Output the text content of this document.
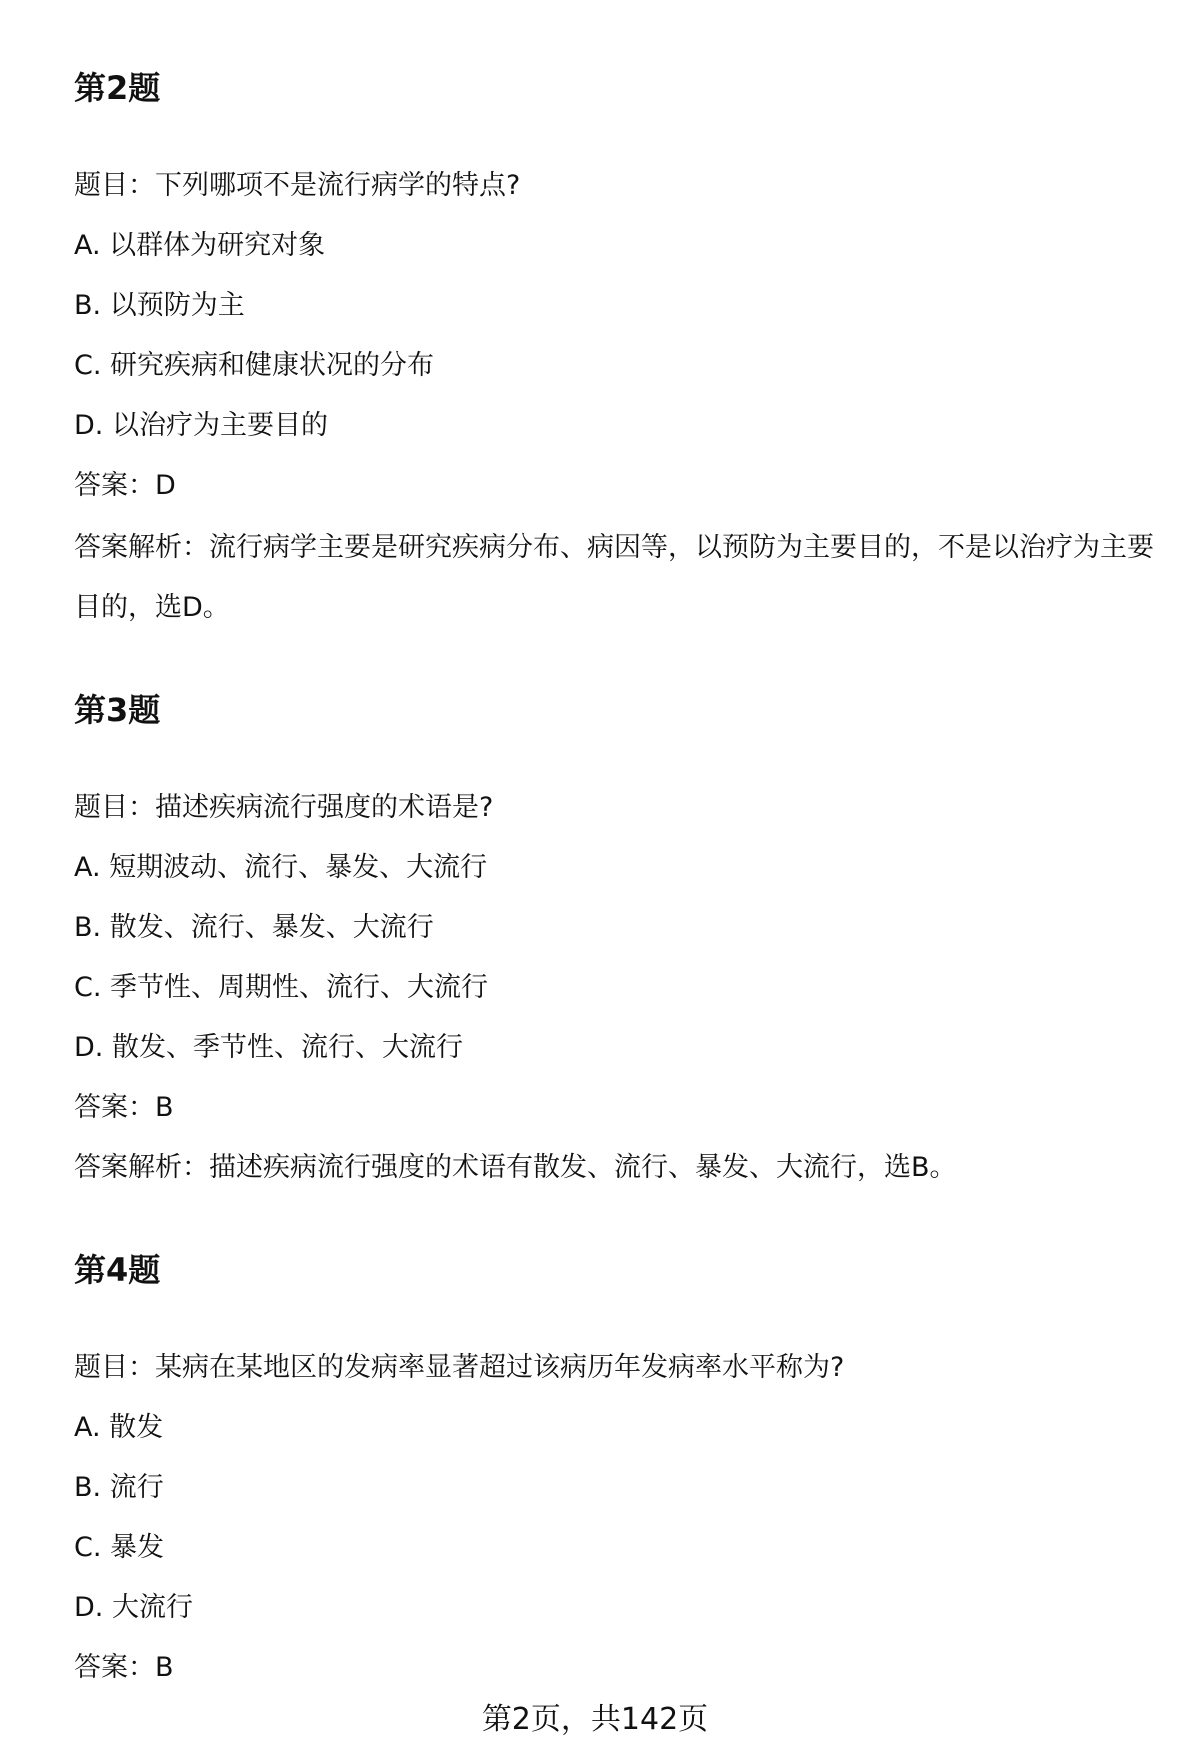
第2题
题目：下列哪项不是流行病学的特点?
A. 以群体为研究对象
B. 以预防为主
C. 研究疾病和健康状况的分布
D. 以治疗为主要目的
答案：D
答案解析：流行病学主要是研究疾病分布、病因等，以预防为主要目的，不是以治疗为主要目的，选D。
第3题
题目：描述疾病流行强度的术语是?
A. 短期波动、流行、暴发、大流行
B. 散发、流行、暴发、大流行
C. 季节性、周期性、流行、大流行
D. 散发、季节性、流行、大流行
答案：B
答案解析：描述疾病流行强度的术语有散发、流行、暴发、大流行，选B。
第4题
题目：某病在某地区的发病率显著超过该病历年发病率水平称为?
A. 散发
B. 流行
C. 暴发
D. 大流行
答案：B
第2页，共142页
